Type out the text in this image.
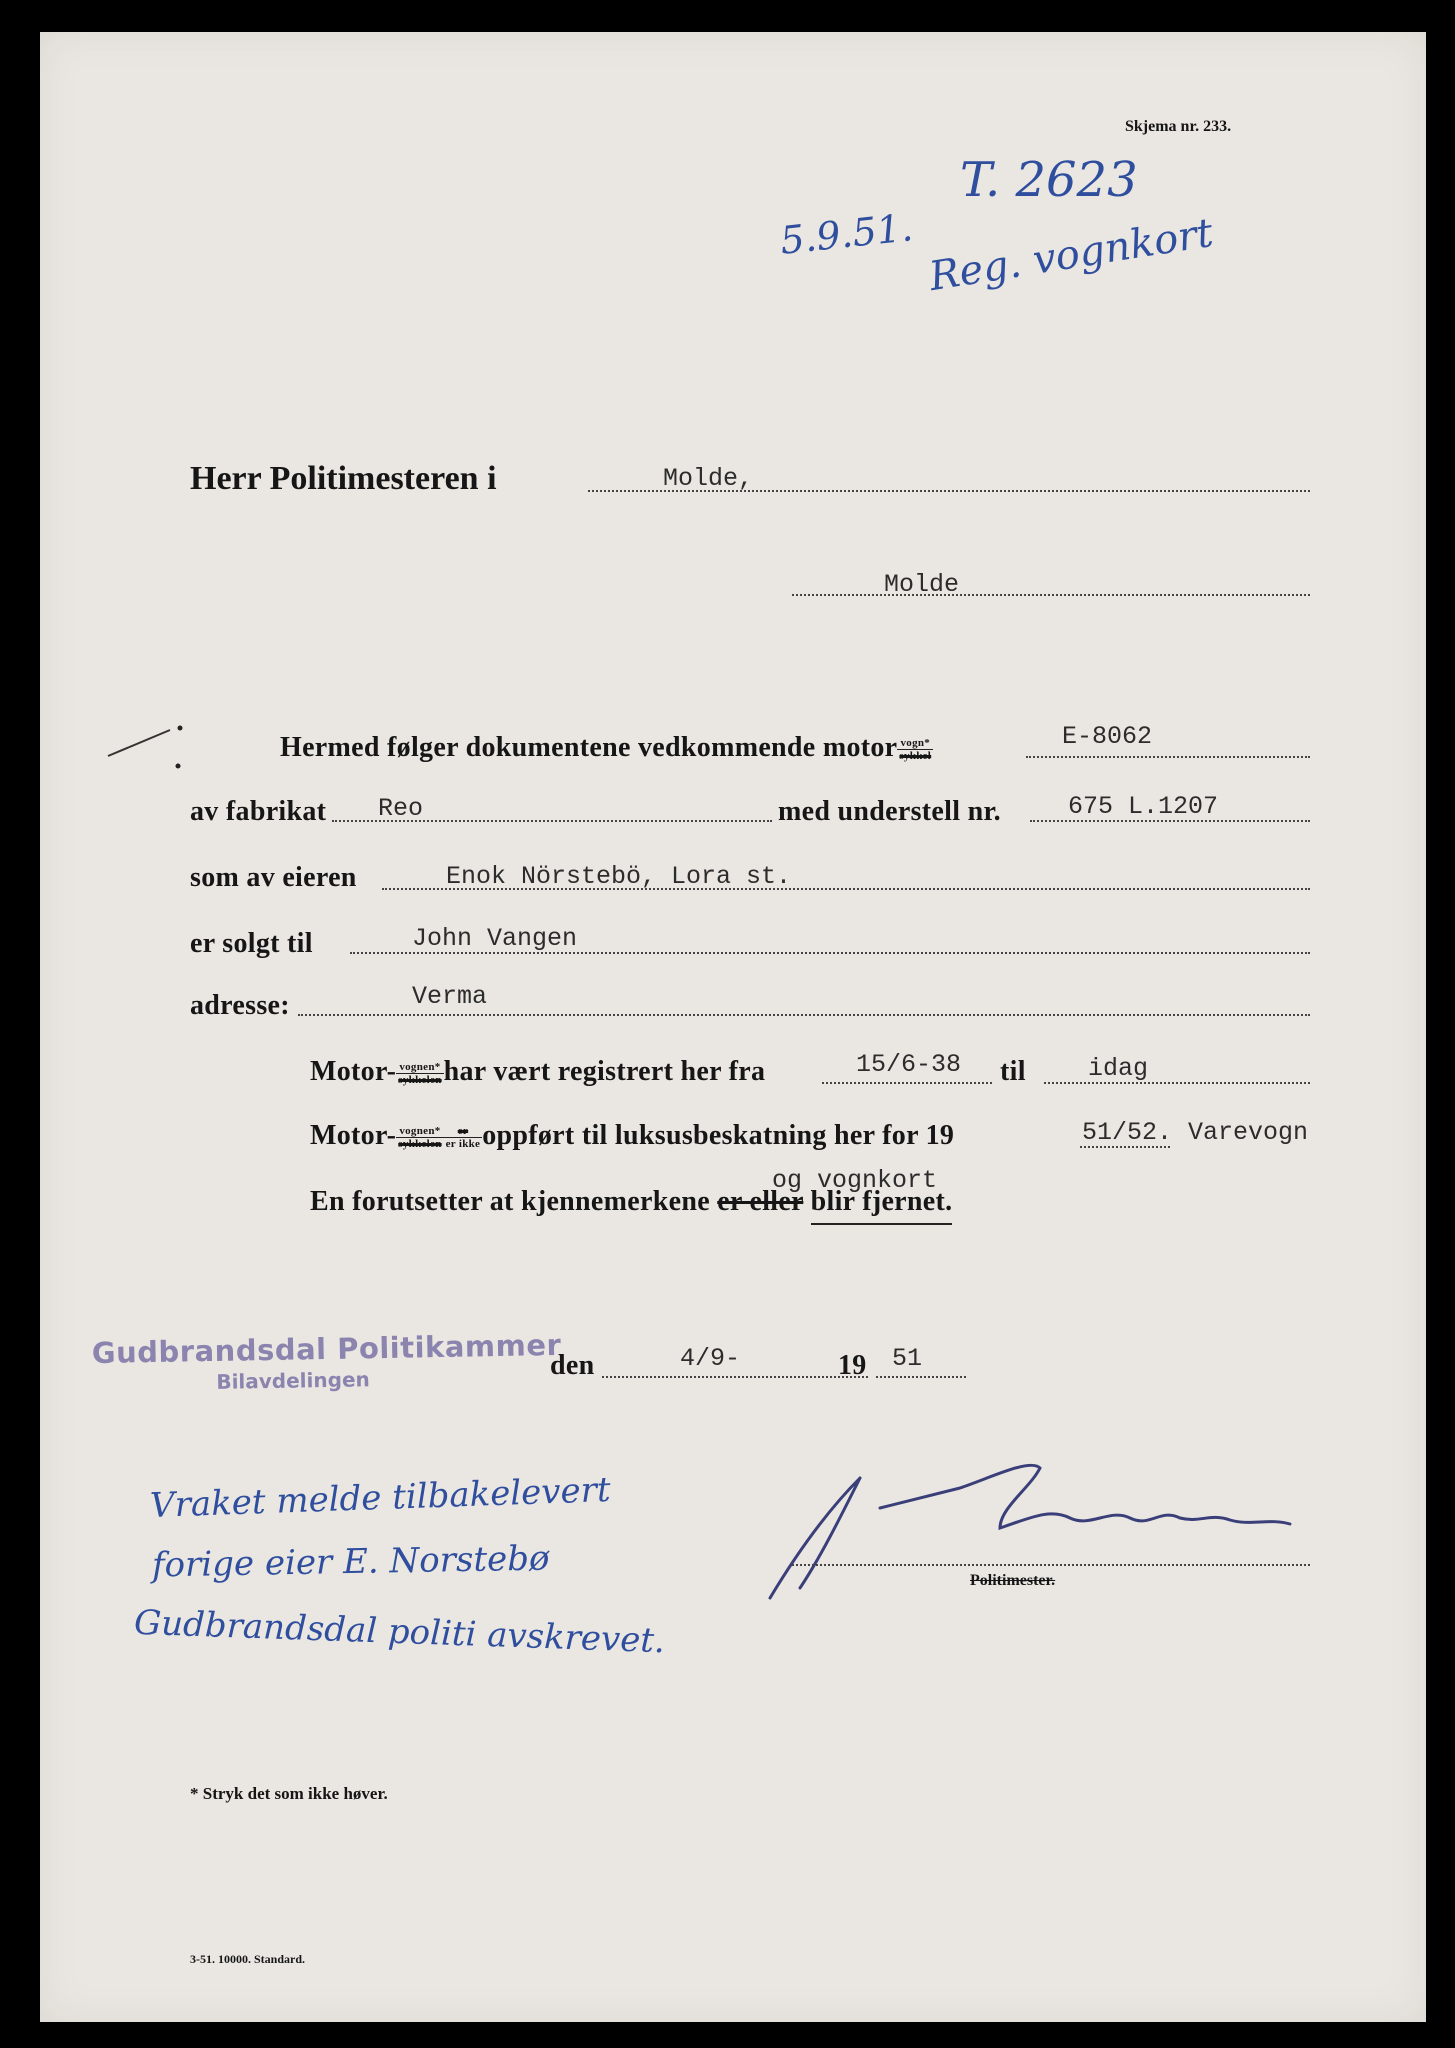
Skjema nr. 233.
T. 2623
5.9.51. Reg. vognkort
Herr Politimesteren i	Molde,
Molde
Hermed følger dokumentene vedkommende motor $\frac{\text{vogn*}}{\text{sykkel}}$	E-8062
av fabrikat Reo	med understell nr.	675 L.1207
som av eieren	Enok Nörstebö, Lora st.
er solgt til	John Vangen
adresse:	Verma
Motor- $\frac{\text{vognen*}}{\text{sykkelen}}$ har vært registrert her fra	15/6-38 til idag
Motor- $\frac{\text{vognen*}}{\text{sykkelen}} \frac{er}{\text{er ikke}}$ oppført til luksusbeskatning her for 19	51/52. Varevogn
og vognkort
En forutsetter at kjennemerkene er eller blir fjernet.
Gudbrandsdal Politikammer
Bilavdelingen	den	4/9-	19 51
Vraket melde tilbakelevert
forige eier E. Norstebø
Gudbrandsdal politi avskrevet.
Politimester.
* Stryk det som ikke høver.
3-51. 10000. Standard.
